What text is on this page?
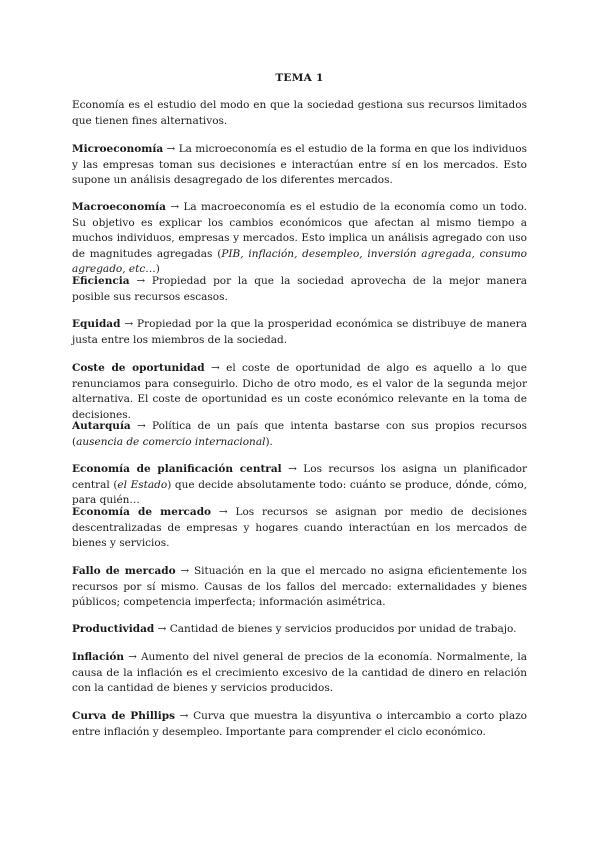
TEMA 1

Economía es el estudio del modo en que la sociedad gestiona sus recursos limitados que tienen fines alternativos.

Microeconomía → La microeconomía es el estudio de la forma en que los individuos y las empresas toman sus decisiones e interactúan entre sí en los mercados. Esto supone un análisis desagregado de los diferentes mercados.

Macroeconomía → La macroeconomía es el estudio de la economía como un todo. Su objetivo es explicar los cambios económicos que afectan al mismo tiempo a muchos individuos, empresas y mercados. Esto implica un análisis agregado con uso de magnitudes agregadas (PIB, inflación, desempleo, inversión agregada, consumo agregado, etc…)

Eficiencia → Propiedad por la que la sociedad aprovecha de la mejor manera posible sus recursos escasos.

Equidad → Propiedad por la que la prosperidad económica se distribuye de manera justa entre los miembros de la sociedad.

Coste de oportunidad → el coste de oportunidad de algo es aquello a lo que renunciamos para conseguirlo. Dicho de otro modo, es el valor de la segunda mejor alternativa. El coste de oportunidad es un coste económico relevante en la toma de decisiones.

Autarquía → Política de un país que intenta bastarse con sus propios recursos (ausencia de comercio internacional).

Economía de planificación central → Los recursos los asigna un planificador central (el Estado) que decide absolutamente todo: cuánto se produce, dónde, cómo, para quién…

Economía de mercado → Los recursos se asignan por medio de decisiones descentralizadas de empresas y hogares cuando interactúan en los mercados de bienes y servicios.

Fallo de mercado → Situación en la que el mercado no asigna eficientemente los recursos por sí mismo. Causas de los fallos del mercado: externalidades y bienes públicos; competencia imperfecta; información asimétrica.

Productividad → Cantidad de bienes y servicios producidos por unidad de trabajo.

Inflación → Aumento del nivel general de precios de la economía. Normalmente, la causa de la inflación es el crecimiento excesivo de la cantidad de dinero en relación con la cantidad de bienes y servicios producidos.

Curva de Phillips → Curva que muestra la disyuntiva o intercambio a corto plazo entre inflación y desempleo. Importante para comprender el ciclo económico.
